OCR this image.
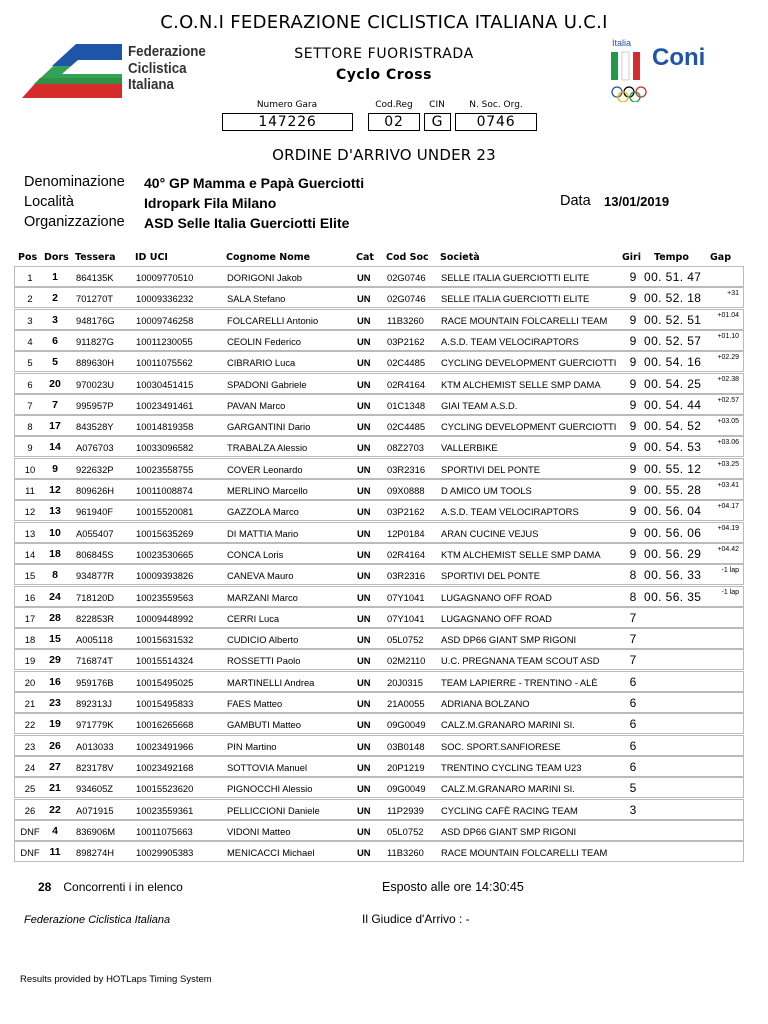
C.O.N.I FEDERAZIONE CICLISTICA ITALIANA U.C.I
Federazione
Ciclistica
Italiana
SETTORE FUORISTRADA
Cyclo Cross
Italia
Coni
Numero Gara
147226
Cod.Reg
02
CIN
G
N. Soc. Org.
0746
ORDINE D'ARRIVO UNDER 23
Denominazione 40° GP Mamma e Papà Guerciotti
Località	Idropark Fila Milano
Organizzazione ASD Selle Italia Guerciotti Elite
Data 13/01/2019
Pos Dors Tessera ID UCI	Cognome Nome	Cat Cod Soc Società	Giri Tempo Gap
1	1	864135K 10009770510	DORIGONI Jakob	UN 02G0746 SELLE ITALIA GUERCIOTTI ELITE	9 00. 51. 47
2	2	701270T 10009336232	SALA Stefano	UN 02G0746 SELLE ITALIA GUERCIOTTI ELITE	9 00. 52. 18	+31
3	3	948176G 10009746258	FOLCARELLI Antonio	UN 11B3260 RACE MOUNTAIN FOLCARELLI TEAM	9 00. 52. 51 +01.04
4	6	911827G 10011230055	CEOLIN Federico	UN 03P2162 A.S.D. TEAM VELOCIRAPTORS	9 00. 52. 57 +01.10
5	5	889630H 10011075562	CIBRARIO Luca	UN 02C4485 CYCLING DEVELOPMENT GUERCIOTTI	9 00. 54. 16 +02.29
6	20	970023U 10030451415	SPADONI Gabriele	UN 02R4164 KTM ALCHEMIST SELLE SMP DAMA	9 00. 54. 25 +02.38
7	7	995957P 10023491461	PAVAN Marco	UN 01C1348 GIAI TEAM A.S.D.	9 00. 54. 44 +02.57
8	17	843528Y 10014819358	GARGANTINI Dario	UN 02C4485 CYCLING DEVELOPMENT GUERCIOTTI	9 00. 54. 52 +03.05
9	14	A076703 10033096582	TRABALZA Alessio	UN 08Z2703 VALLERBIKE	9 00. 54. 53 +03.06
10	9	922632P 10023558755	COVER Leonardo	UN 03R2316 SPORTIVI DEL PONTE	9 00. 55. 12 +03.25
11	12	809626H 10011008874	MERLINO Marcello	UN 09X0888 D AMICO UM TOOLS	9 00. 55. 28 +03.41
12	13	961940F 10015520081	GAZZOLA Marco	UN 03P2162 A.S.D. TEAM VELOCIRAPTORS	9 00. 56. 04 +04.17
13	10	A055407 10015635269	DI MATTIA Mario	UN 12P0184 ARAN CUCINE VEJUS	9 00. 56. 06 +04.19
14	18	806845S 10023530665	CONCA Loris	UN 02R4164 KTM ALCHEMIST SELLE SMP DAMA	9 00. 56. 29 +04.42
15	8	934877R 10009393826	CANEVA Mauro	UN 03R2316 SPORTIVI DEL PONTE	8 00. 56. 33	-1 lap
16	24	718120D 10023559563	MARZANI Marco	UN 07Y1041 LUGAGNANO OFF ROAD	8 00. 56. 35	-1 lap
17	28	822853R 10009448992	CERRI Luca	UN 07Y1041 LUGAGNANO OFF ROAD	7
18	15	A005118 10015631532	CUDICIO Alberto	UN 05L0752 ASD DP66 GIANT SMP RIGONI	7
19	29	716874T 10015514324	ROSSETTI Paolo	UN 02M2110 U.C. PREGNANA TEAM SCOUT ASD	7
20	16	959176B 10015495025	MARTINELLI Andrea	UN 20J0315 TEAM LAPIERRE - TRENTINO - ALÈ	6
21	23	892313J	10015495833	FAES Matteo	UN 21A0055 ADRIANA BOLZANO	6
22	19	971779K 10016265668	GAMBUTI Matteo	UN 09G0049 CALZ.M.GRANARO MARINI SI.	6
23	26	A013033 10023491966	PIN Martino	UN 03B0148 SOC. SPORT.SANFIORESE	6
24	27	823178V 10023492168	SOTTOVIA Manuel	UN 20P1219 TRENTINO CYCLING TEAM U23	6
25	21	934605Z 10015523620	PIGNOCCHI Alessio	UN 09G0049 CALZ.M.GRANARO MARINI SI.	5
26	22	A071915 10023559361	PELLICCIONI Daniele	UN 11P2939 CYCLING CAFÈ RACING TEAM	3
DNF	4	836906M 10011075663	VIDONI Matteo	UN 05L0752 ASD DP66 GIANT SMP RIGONI
DNF 11	898274H 10029905383	MENICACCI Michael	UN 11B3260 RACE MOUNTAIN FOLCARELLI TEAM
28 Concorrenti i in elenco	Esposto alle ore 14:30:45
Federazione Ciclistica Italiana	Il Giudice d'Arrivo : -
Results provided by HOTLaps Timing System
